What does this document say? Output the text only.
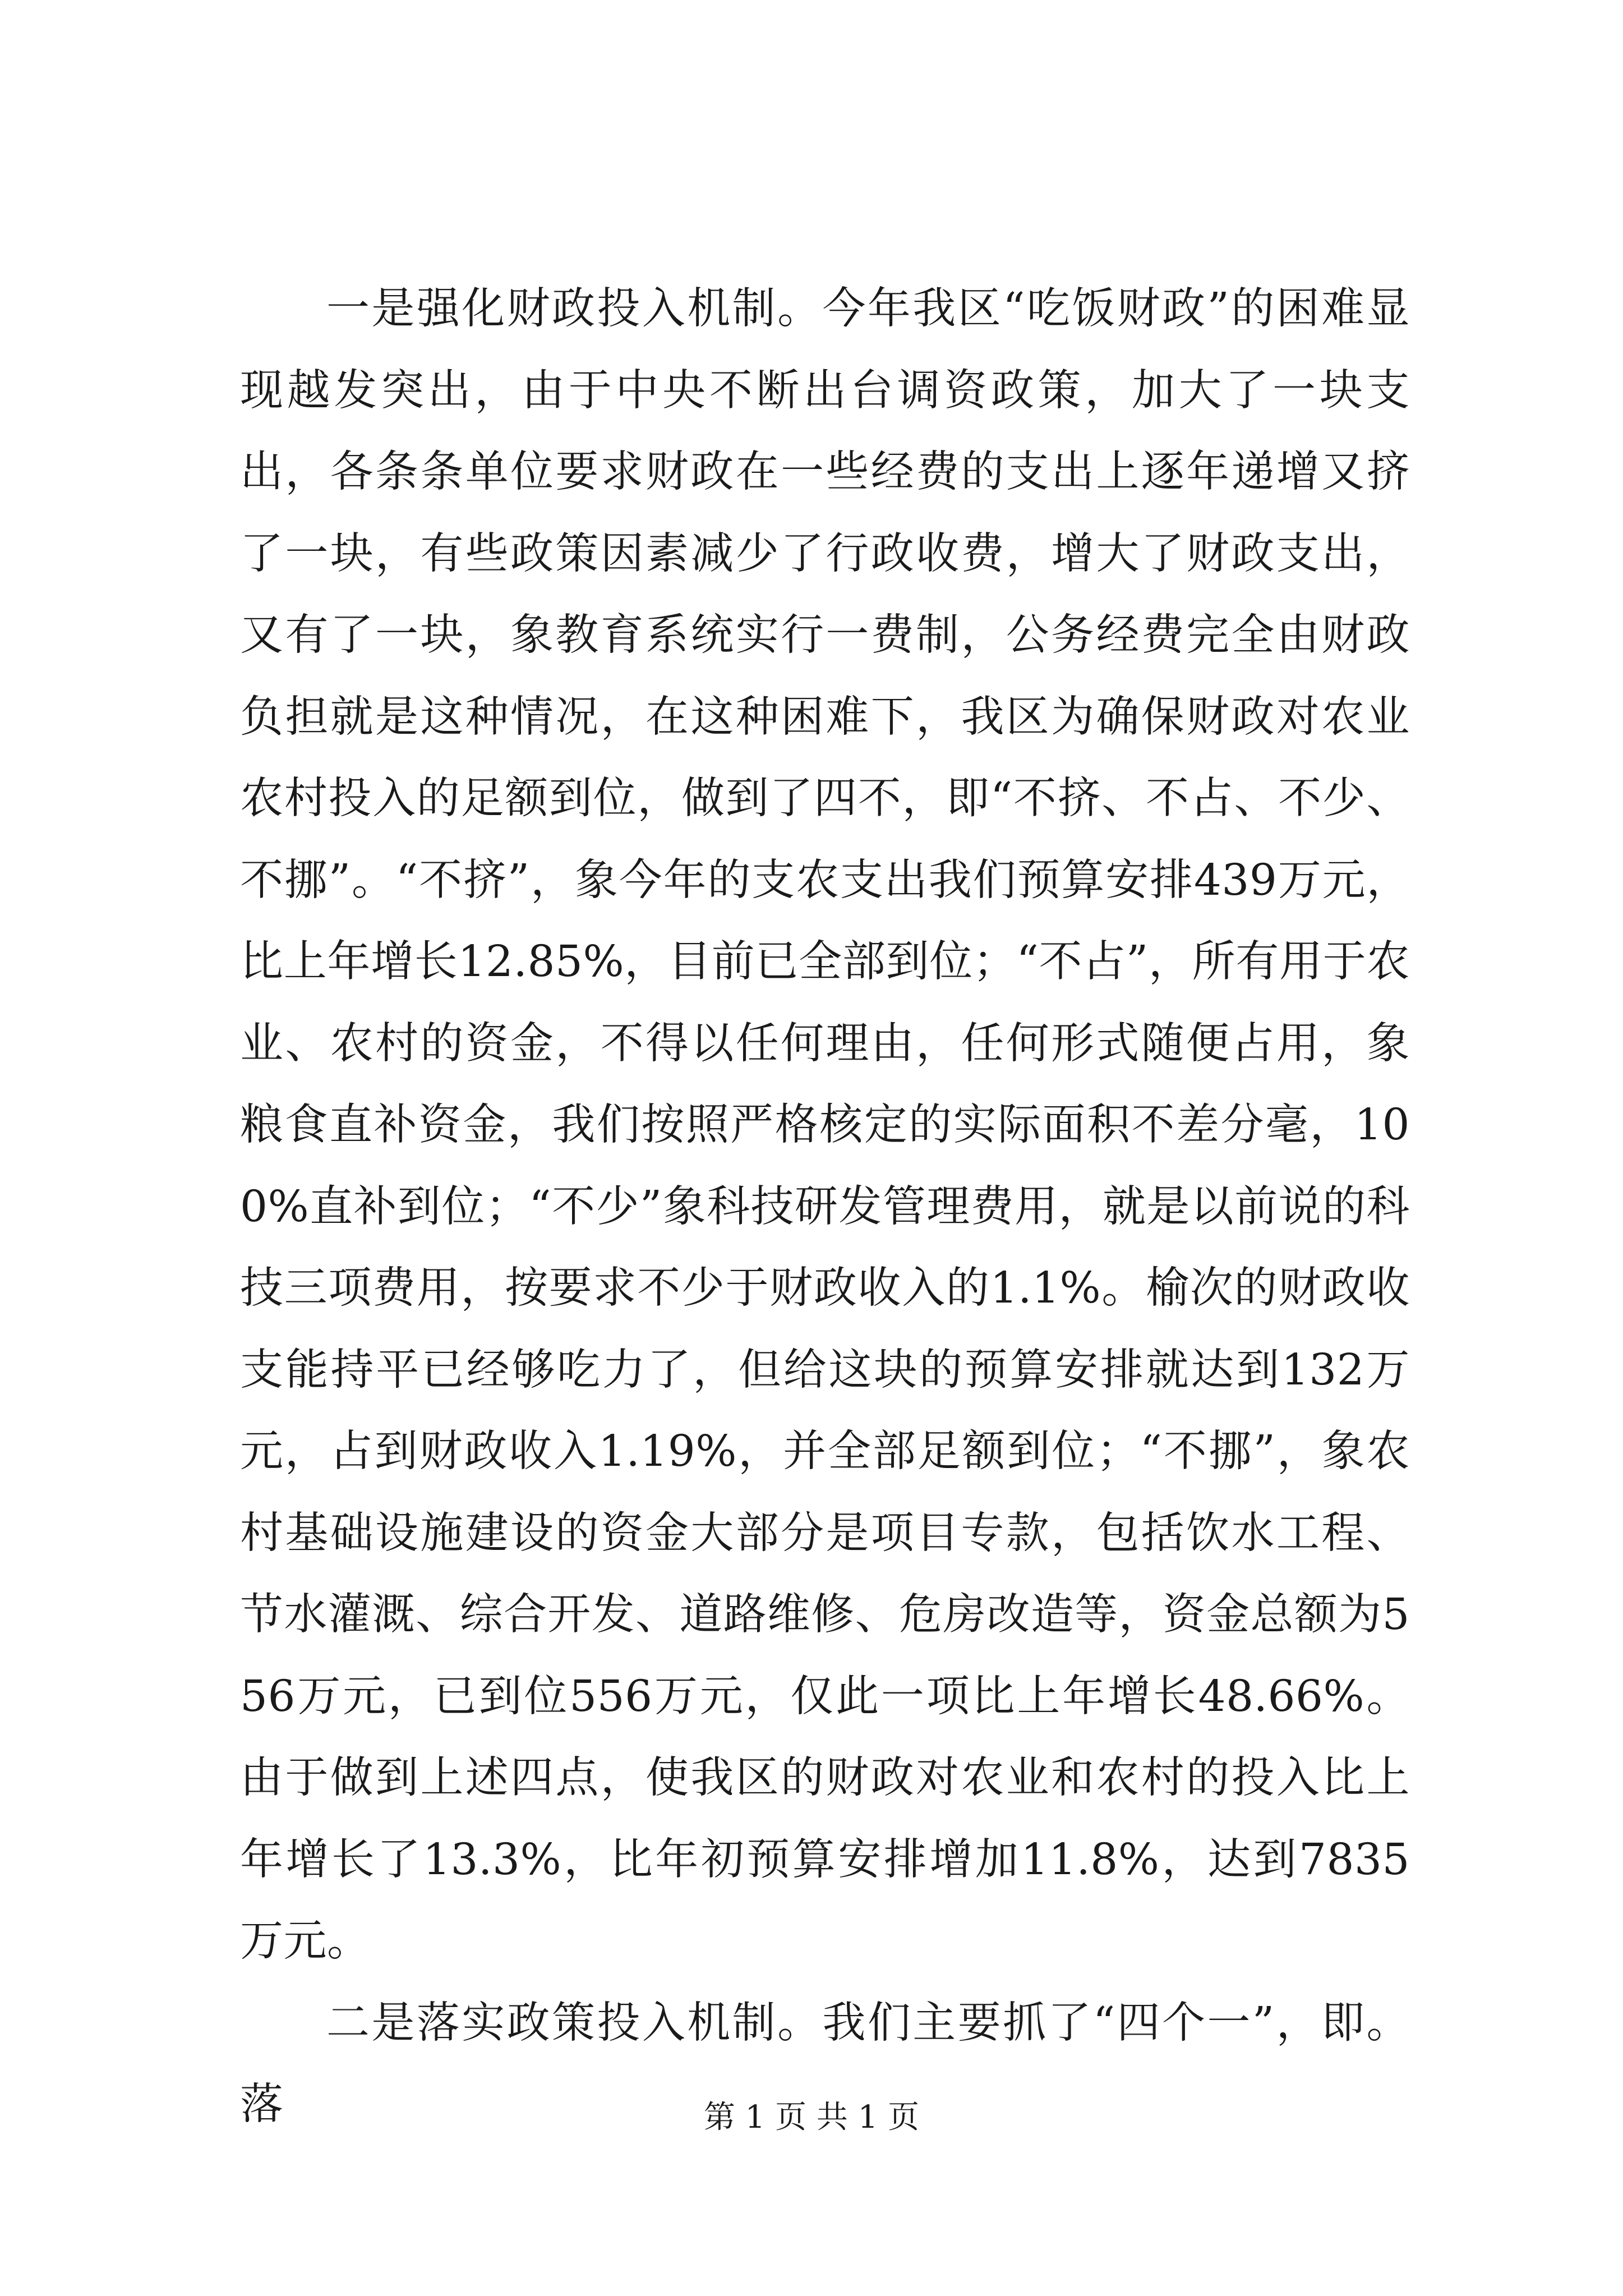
一是强化财政投入机制。今年我区“吃饭财政”的困难显现越发突出，由于中央不断出台调资政策，加大了一块支出，各条条单位要求财政在一些经费的支出上逐年递增又挤了一块，有些政策因素减少了行政收费，增大了财政支出，又有了一块，象教育系统实行一费制，公务经费完全由财政负担就是这种情况，在这种困难下，我区为确保财政对农业农村投入的足额到位，做到了四不，即“不挤、不占、不少、不挪”。“不挤”，象今年的支农支出我们预算安排439万元，比上年增长12.85%，目前已全部到位；“不占”，所有用于农业、农村的资金，不得以任何理由，任何形式随便占用，象粮食直补资金，我们按照严格核定的实际面积不差分毫，100%直补到位；“不少”象科技研发管理费用，就是以前说的科技三项费用，按要求不少于财政收入的1.1%。榆次的财政收支能持平已经够吃力了，但给这块的预算安排就达到132万元，占到财政收入1.19%，并全部足额到位；“不挪”，象农村基础设施建设的资金大部分是项目专款，包括饮水工程、节水灌溉、综合开发、道路维修、危房改造等，资金总额为556万元，已到位556万元，仅此一项比上年增长48.66%。由于做到上述四点，使我区的财政对农业和农村的投入比上年增长了13.3%，比年初预算安排增加11.8%，达到7835万元。

二是落实政策投入机制。我们主要抓了“四个一”，即。落	第 1 页 共 1 页
